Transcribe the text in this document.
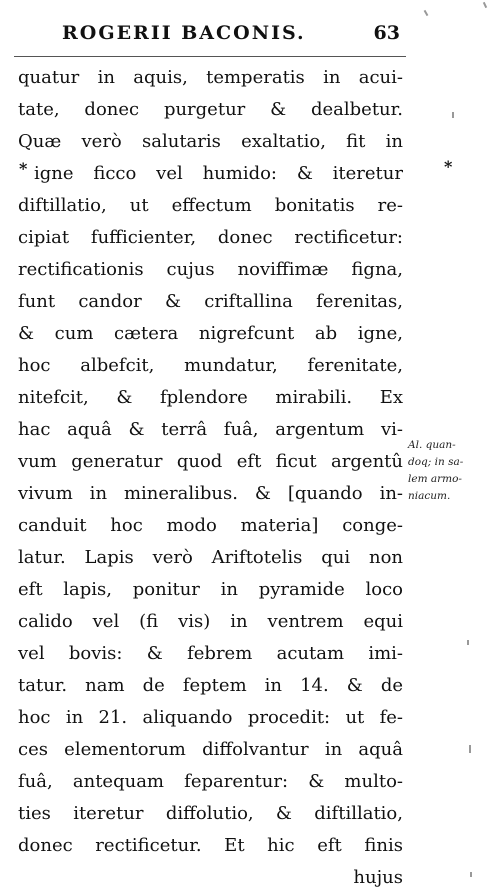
ROGERII BACONIS.	63
quatur in aquis, temperatis in acui-
tate, donec purgetur & dealbetur.
Quæ verò salutaris exaltatio, fit in
igne ficco vel humido: & iteretur
diftillatio, ut effectum bonitatis re-
cipiat fufficienter, donec rectificetur:
rectificationis cujus noviffimæ figna,
funt candor & criftallina ferenitas,
& cum cætera nigrefcunt ab igne,
hoc albefcit, mundatur, ferenitate,
nitefcit, & fplendore mirabili. Ex
hac aquâ & terrâ fuâ, argentum vi-
vum generatur quod eft ficut argentû
vivum in mineralibus. & [quando in-
canduit hoc modo materia] conge-
latur. Lapis verò Ariftotelis qui non
eft lapis, ponitur in pyramide loco
calido vel (fi vis) in ventrem equi
vel bovis: & febrem acutam imi-
tatur. nam de feptem in 14. & de
hoc in 21. aliquando procedit: ut fe-
ces elementorum diffolvantur in aquâ
fuâ, antequam feparentur: & multo-
ties iteretur diffolutio, & diftillatio,
donec rectificetur. Et hic eft finis
hujus
*	*
Al. quan-
doq; in sa-
lem armo-
niacum.
